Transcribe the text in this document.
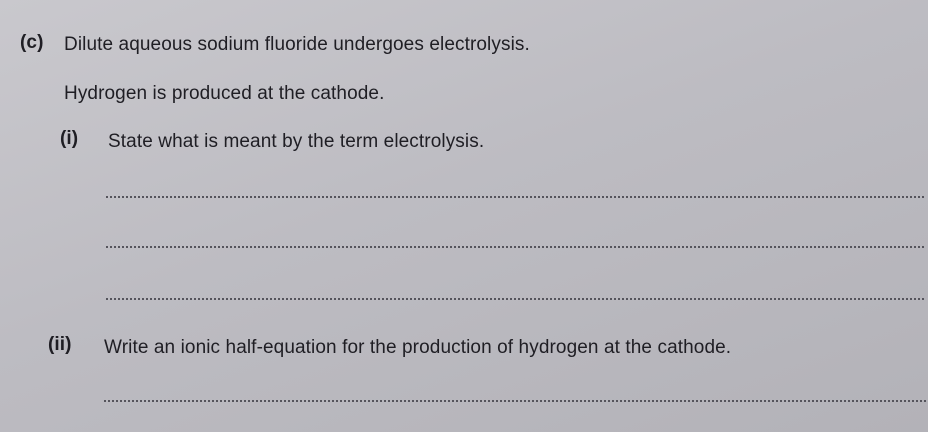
(c) Dilute aqueous sodium fluoride undergoes electrolysis.
Hydrogen is produced at the cathode.
(i) State what is meant by the term electrolysis.
(ii) Write an ionic half-equation for the production of hydrogen at the cathode.
